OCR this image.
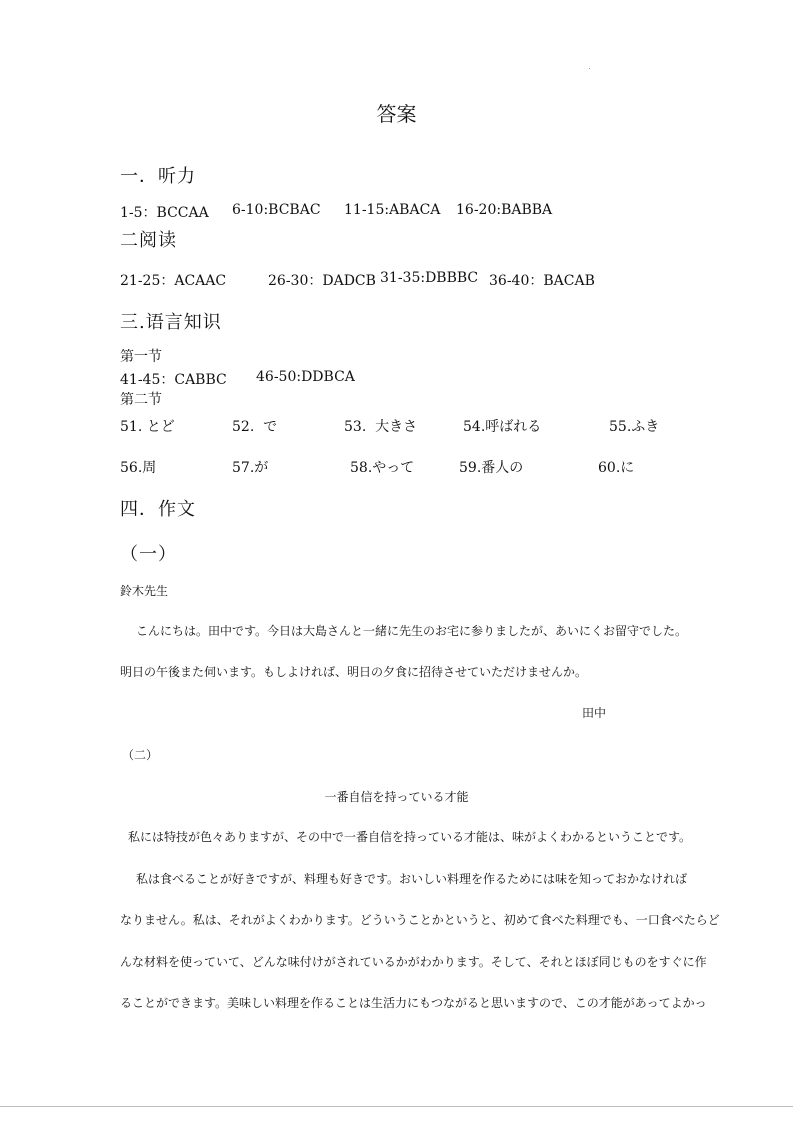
答案
一．听力
1-5：BCCAA 6-10:BCBAC 11-15:ABACA 16-20:BABBA
二阅读
21-25：ACAAC	26-30：DADCB 31-35:DBBBC 36-40：BACAB
三.语言知识
第一节
41-45：CABBC 46-50:DDBCA
第二节
51. とど	52. で	53. 大きさ	54.呼ばれる	55.ふき
56.周	57.が	58.やって	59.番人の	60.に
四．作文
（一）
鈴木先生
こんにちは。田中です。今日は大島さんと一緒に先生のお宅に参りましたが、あいにくお留守でした。
明日の午後また伺います。もしよければ、明日の夕食に招待させていただけませんか。
田中
（二）
一番自信を持っている才能
私には特技が色々ありますが、その中で一番自信を持っている才能は、味がよくわかるということです。
私は食べることが好きですが、料理も好きです。おいしい料理を作るためには味を知っておかなければ
なりません。私は、それがよくわかります。どういうことかというと、初めて食べた料理でも、一口食べたらど
んな材料を使っていて、どんな味付けがされているかがわかります。そして、それとほぼ同じものをすぐに作
ることができます。美味しい料理を作ることは生活力にもつながると思いますので、この才能があってよかっ
